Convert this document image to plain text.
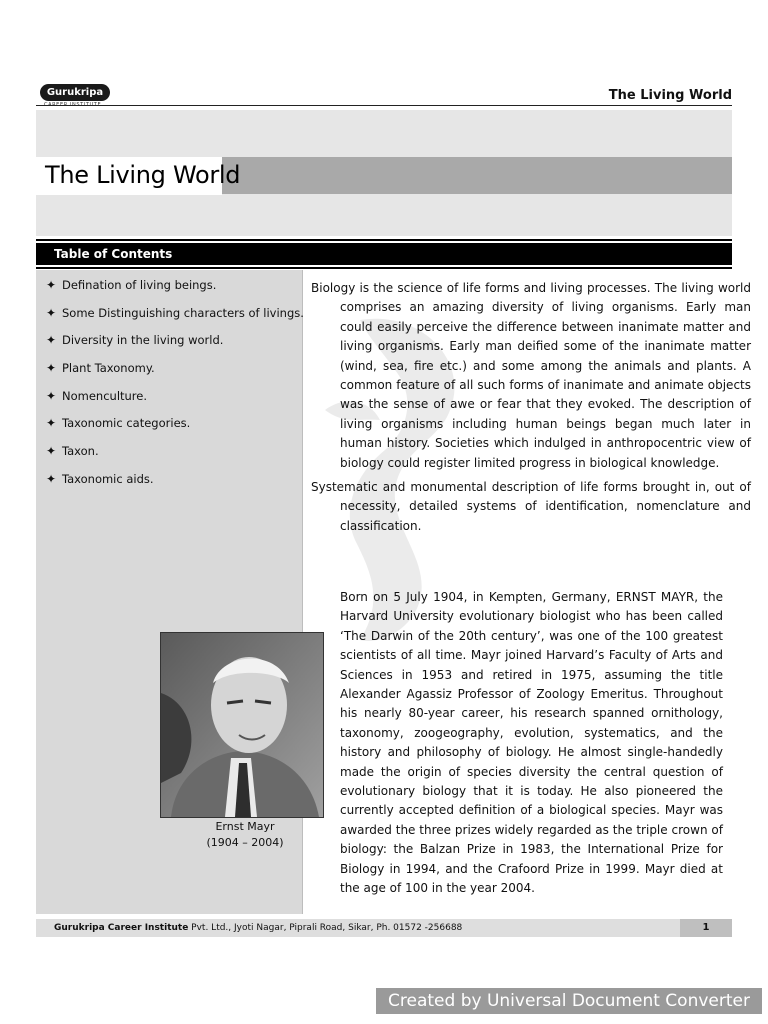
Gurukripa	The Living World
The Living World
Table of Contents
✦ Defination of living beings.
✦ Some Distinguishing characters of livings.
✦ Diversity in the living world.
✦ Plant Taxonomy.
✦ Nomenculture.
✦ Taxonomic categories.
✦ Taxon.
✦ Taxonomic aids.
Biology is the science of life forms and living processes. The living world comprises an amazing diversity of living organisms. Early man could easily perceive the difference between inanimate matter and living organisms. Early man deified some of the inanimate matter (wind, sea, fire etc.) and some among the animals and plants. A common feature of all such forms of inanimate and animate objects was the sense of awe or fear that they evoked. The description of living organisms including human beings began much later in human history. Societies which indulged in anthropocentric view of biology could register limited progress in biological knowledge.
Systematic and monumental description of life forms brought in, out of necessity, detailed systems of identification, nomenclature and classification.
Born on 5 July 1904, in Kempten, Germany, ERNST MAYR, the Harvard University evolutionary biologist who has been called ‘The Darwin of the 20th century’, was one of the 100 greatest scientists of all time. Mayr joined Harvard’s Faculty of Arts and Sciences in 1953 and retired in 1975, assuming the title Alexander Agassiz Professor of Zoology Emeritus. Throughout his nearly 80-year career, his research spanned ornithology, taxonomy, zoogeography, evolution, systematics, and the history and philosophy of biology. He almost single-handedly made the origin of species diversity the central question of evolutionary biology that it is today. He also pioneered the currently accepted definition of a biological species. Mayr was awarded the three prizes widely regarded as the triple crown of biology: the Balzan Prize in 1983, the International Prize for Biology in 1994, and the Crafoord Prize in 1999. Mayr died at the age of 100 in the year 2004.
Ernst Mayr
(1904 – 2004)
Gurukripa Career Institute Pvt. Ltd., Jyoti Nagar, Piprali Road, Sikar, Ph. 01572 -256688	1
Created by Universal Document Converter
